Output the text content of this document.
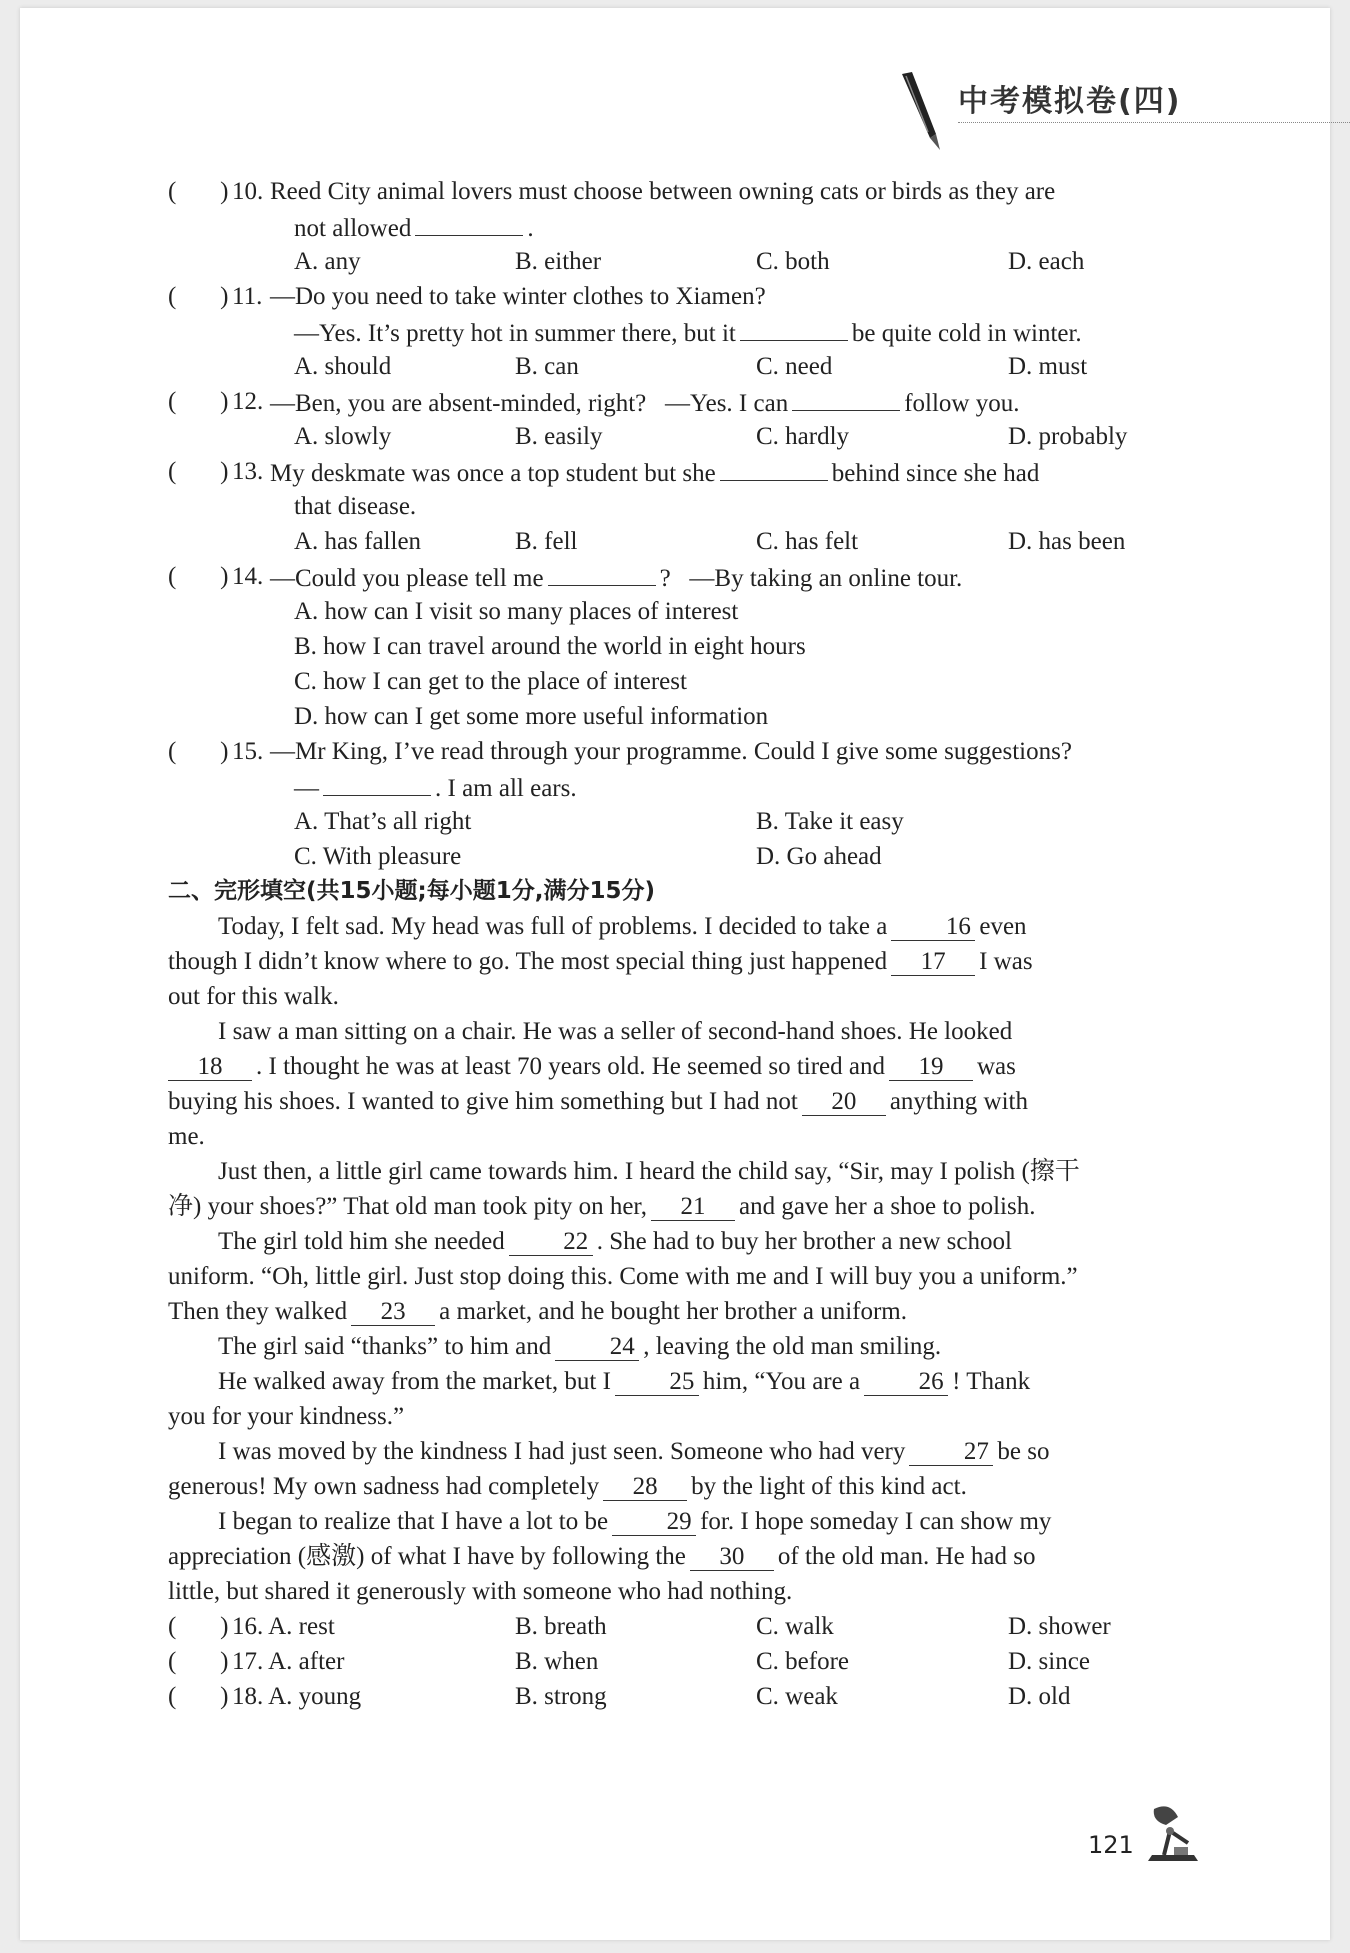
中考模拟卷(四)
(       ) 10. Reed City animal lovers must choose between owning cats or birds as they are
not allowed	.
A. any	B. either	C. both	D. each
(       ) 11. —Do you need to take winter clothes to Xiamen?
—Yes. It’s pretty hot in summer there, but it	be quite cold in winter.
A. should	B. can	C. need	D. must
(       ) 12. —Ben, you are absent-minded, right? —Yes. I can	follow you.
A. slowly	B. easily	C. hardly	D. probably
(       ) 13. My deskmate was once a top student but she	behind since she had
that disease.
A. has fallen	B. fell	C. has felt	D. has been
(       ) 14. —Could you please tell me	? —By taking an online tour.
A. how can I visit so many places of interest
B. how I can travel around the world in eight hours
C. how I can get to the place of interest
D. how can I get some more useful information
(       ) 15. —Mr King, I’ve read through your programme. Could I give some suggestions?
—	. I am all ears.
A. That’s all right	B. Take it easy
C. With pleasure	D. Go ahead
二、完形填空(共15小题;每小题1分,满分15分)
Today, I felt sad. My head was full of problems. I decided to take a 16 even
though I didn’t know where to go. The most special thing just happened 17 I was
out for this walk.
I saw a man sitting on a chair. He was a seller of second-hand shoes. He looked
18 . I thought he was at least 70 years old. He seemed so tired and 19 was
buying his shoes. I wanted to give him something but I had not 20 anything with
me.
Just then, a little girl came towards him. I heard the child say, “Sir, may I polish (擦干
净) your shoes?” That old man took pity on her, 21 and gave her a shoe to polish.
The girl told him she needed 22 . She had to buy her brother a new school
uniform. “Oh, little girl. Just stop doing this. Come with me and I will buy you a uniform.”
Then they walked 23 a market, and he bought her brother a uniform.
The girl said “thanks” to him and 24 , leaving the old man smiling.
He walked away from the market, but I 25 him, “You are a 26 ! Thank
you for your kindness.”
I was moved by the kindness I had just seen. Someone who had very 27 be so
generous! My own sadness had completely 28 by the light of this kind act.
I began to realize that I have a lot to be 29 for. I hope someday I can show my
appreciation (感激) of what I have by following the 30 of the old man. He had so
little, but shared it generously with someone who had nothing.
(       ) 16. A. rest	B. breath	C. walk	D. shower
(       ) 17. A. after	B. when	C. before	D. since
(       ) 18. A. young	B. strong	C. weak	D. old
121
